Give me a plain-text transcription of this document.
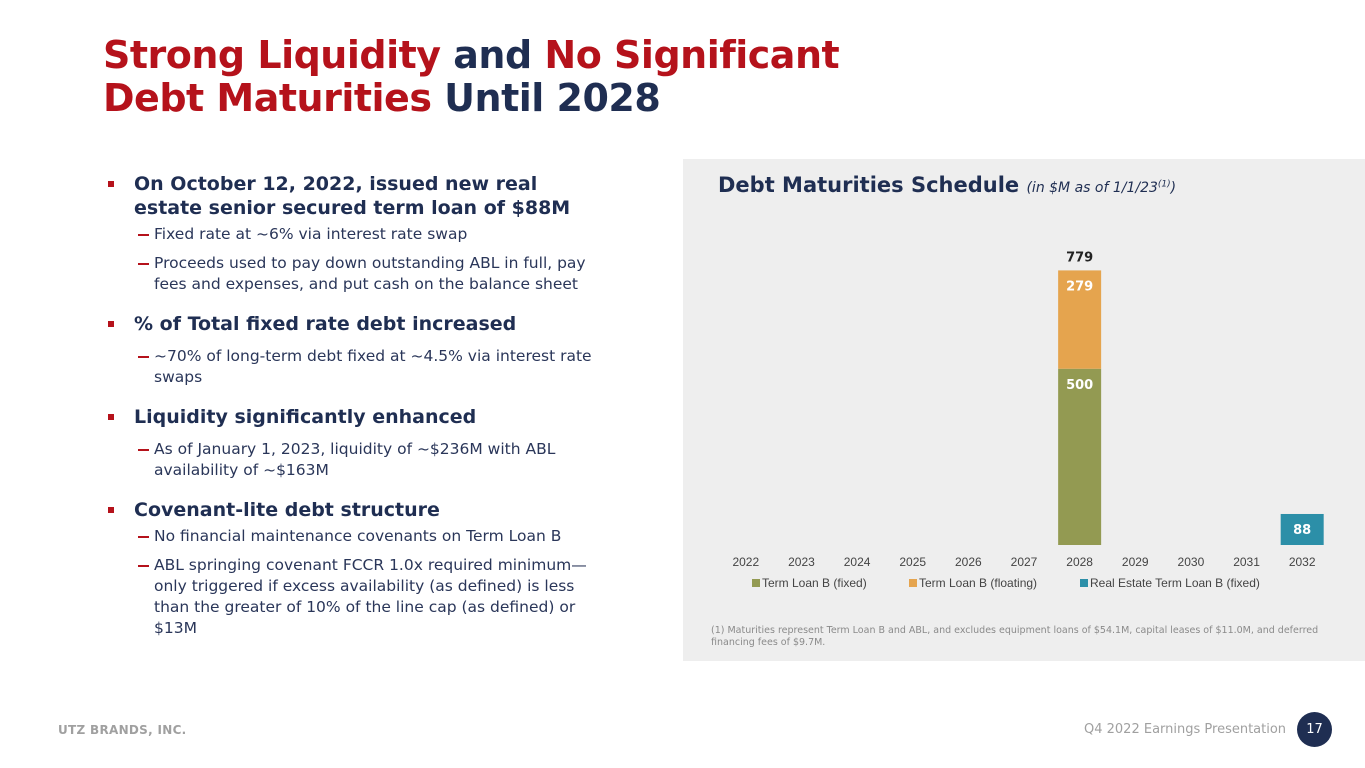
Strong Liquidity and No Significant
Debt Maturities Until 2028
On October 12, 2022, issued new real estate senior secured term loan of $88M
Fixed rate at ~6% via interest rate swap
Proceeds used to pay down outstanding ABL in full, pay fees and expenses, and put cash on the balance sheet
% of Total fixed rate debt increased
~70% of long-term debt fixed at ~4.5% via interest rate swaps
Liquidity significantly enhanced
As of January 1, 2023, liquidity of ~$236M with ABL availability of ~$163M
Covenant-lite debt structure
No financial maintenance covenants on Term Loan B
ABL springing covenant FCCR 1.0x required minimum—only triggered if excess availability (as defined) is less than the greater of 10% of the line cap (as defined) or $13M
Debt Maturities Schedule (in $M as of 1/1/23$^{(1)}$)
2022 2023 2024 2025 2026 2027
500
279
2028 2029 2030 2031
88
2032
779
Term Loan B (fixed)	Term Loan B (floating)	Real Estate Term Loan B (fixed)
(1) Maturities represent Term Loan B and ABL, and excludes equipment loans of $54.1M, capital leases of $11.0M, and deferred financing fees of $9.7M.
UTZ BRANDS, INC.	Q4 2022 Earnings Presentation	17
